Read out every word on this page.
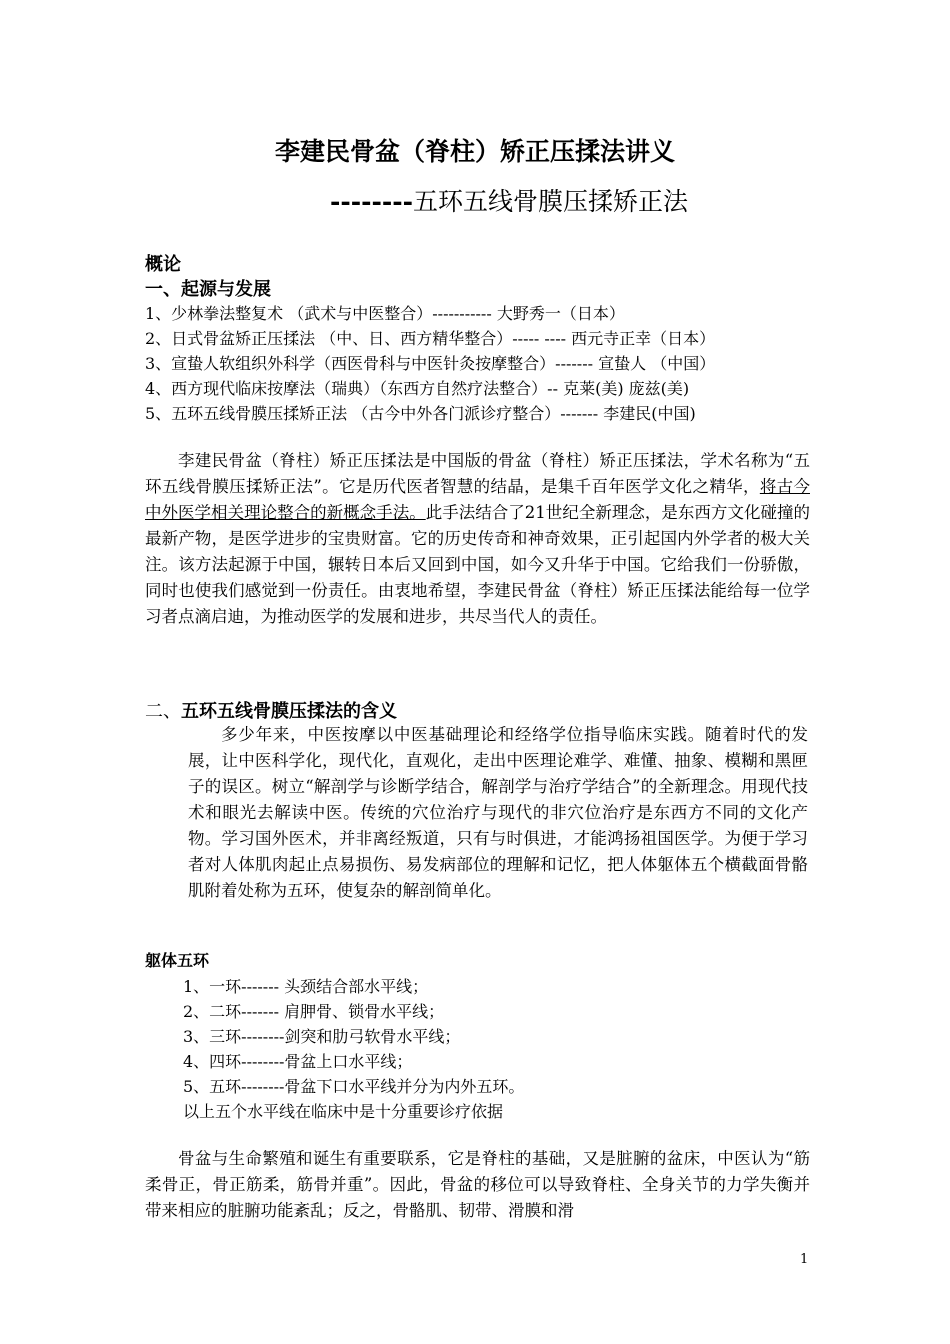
李建民骨盆（脊柱）矫正压揉法讲义
--------五环五线骨膜压揉矫正法
概论
一、起源与发展
1、少林拳法整复术 （武术与中医整合）----------- 大野秀一（日本）
2、日式骨盆矫正压揉法 （中、日、西方精华整合）----- ---- 西元寺正幸（日本）
3、宣蛰人软组织外科学（西医骨科与中医针灸按摩整合）------- 宣蛰人 （中国）
4、西方现代临床按摩法（瑞典）（东西方自然疗法整合）-- 克莱(美) 庞兹(美)
5、五环五线骨膜压揉矫正法 （古今中外各门派诊疗整合）------- 李建民(中国)
李建民骨盆（脊柱）矫正压揉法是中国版的骨盆（脊柱）矫正压揉法，学术名称为“五环五线骨膜压揉矫正法”。它是历代医者智慧的结晶，是集千百年医学文化之精华，将古今中外医学相关理论整合的新概念手法。此手法结合了21世纪全新理念，是东西方文化碰撞的最新产物，是医学进步的宝贵财富。它的历史传奇和神奇效果，正引起国内外学者的极大关注。该方法起源于中国，辗转日本后又回到中国，如今又升华于中国。它给我们一份骄傲，同时也使我们感觉到一份责任。由衷地希望，李建民骨盆（脊柱）矫正压揉法能给每一位学习者点滴启迪，为推动医学的发展和进步，共尽当代人的责任。
二、五环五线骨膜压揉法的含义
多少年来，中医按摩以中医基础理论和经络学位指导临床实践。随着时代的发展，让中医科学化，现代化，直观化，走出中医理论难学、难懂、抽象、模糊和黑匣子的误区。树立“解剖学与诊断学结合，解剖学与治疗学结合”的全新理念。用现代技术和眼光去解读中医。传统的穴位治疗与现代的非穴位治疗是东西方不同的文化产物。学习国外医术，并非离经叛道，只有与时俱进，才能鸿扬祖国医学。为便于学习者对人体肌肉起止点易损伤、易发病部位的理解和记忆，把人体躯体五个横截面骨骼肌附着处称为五环，使复杂的解剖简单化。
躯体五环
1、一环------- 头颈结合部水平线；
2、二环------- 肩胛骨、锁骨水平线；
3、三环--------剑突和肋弓软骨水平线；
4、四环--------骨盆上口水平线；
5、五环--------骨盆下口水平线并分为内外五环。
以上五个水平线在临床中是十分重要诊疗依据
骨盆与生命繁殖和诞生有重要联系，它是脊柱的基础，又是脏腑的盆床，中医认为“筋柔骨正，骨正筋柔，筋骨并重”。因此，骨盆的移位可以导致脊柱、全身关节的力学失衡并带来相应的脏腑功能紊乱；反之，骨骼肌、韧带、滑膜和滑
1
